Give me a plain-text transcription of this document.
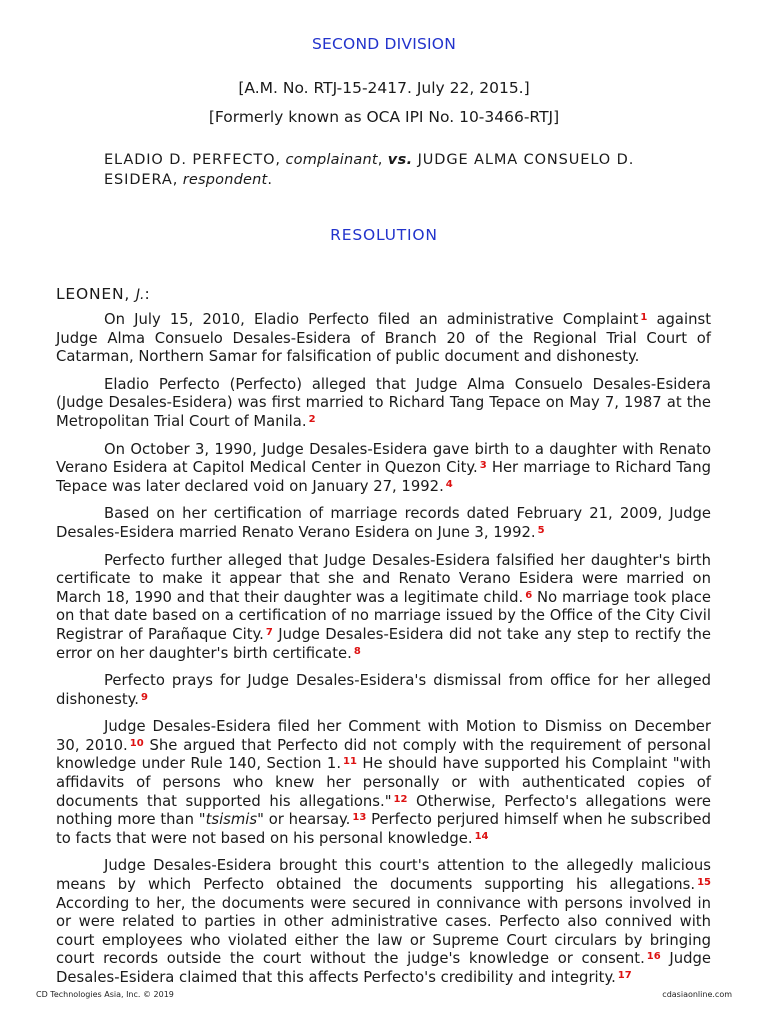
SECOND DIVISION
[A.M. No. RTJ-15-2417. July 22, 2015.]
[Formerly known as OCA IPI No. 10-3466-RTJ]
ELADIO D. PERFECTO, complainant, vs. JUDGE ALMA CONSUELO D. ESIDERA, respondent.
RESOLUTION
LEONEN, J.:

On July 15, 2010, Eladio Perfecto filed an administrative Complaint $^1$ against Judge Alma Consuelo Desales-Esidera of Branch 20 of the Regional Trial Court of Catarman, Northern Samar for falsification of public document and dishonesty.

Eladio Perfecto (Perfecto) alleged that Judge Alma Consuelo Desales-Esidera (Judge Desales-Esidera) was first married to Richard Tang Tepace on May 7, 1987 at the Metropolitan Trial Court of Manila. $^2$

On October 3, 1990, Judge Desales-Esidera gave birth to a daughter with Renato Verano Esidera at Capitol Medical Center in Quezon City. $^3$ Her marriage to Richard Tang Tepace was later declared void on January 27, 1992. $^4$

Based on her certification of marriage records dated February 21, 2009, Judge Desales-Esidera married Renato Verano Esidera on June 3, 1992. $^5$

Perfecto further alleged that Judge Desales-Esidera falsified her daughter's birth certificate to make it appear that she and Renato Verano Esidera were married on March 18, 1990 and that their daughter was a legitimate child. $^6$ No marriage took place on that date based on a certification of no marriage issued by the Office of the City Civil Registrar of Parañaque City. $^7$ Judge Desales-Esidera did not take any step to rectify the error on her daughter's birth certificate. $^8$

Perfecto prays for Judge Desales-Esidera's dismissal from office for her alleged dishonesty. $^9$

Judge Desales-Esidera filed her Comment with Motion to Dismiss on December 30, 2010. $^{10}$ She argued that Perfecto did not comply with the requirement of personal knowledge under Rule 140, Section 1. $^{11}$ He should have supported his Complaint "with affidavits of persons who knew her personally or with authenticated copies of documents that supported his allegations." $^{12}$ Otherwise, Perfecto's allegations were nothing more than "tsismis" or hearsay. $^{13}$ Perfecto perjured himself when he subscribed to facts that were not based on his personal knowledge. $^{14}$

Judge Desales-Esidera brought this court's attention to the allegedly malicious means by which Perfecto obtained the documents supporting his allegations. $^{15}$ According to her, the documents were secured in connivance with persons involved in or were related to parties in other administrative cases. Perfecto also connived with court employees who violated either the law or Supreme Court circulars by bringing court records outside the court without the judge's knowledge or consent. $^{16}$ Judge Desales-Esidera claimed that this affects Perfecto's credibility and integrity. $^{17}$

CD Technologies Asia, Inc. © 2019	cdasiaonline.com
